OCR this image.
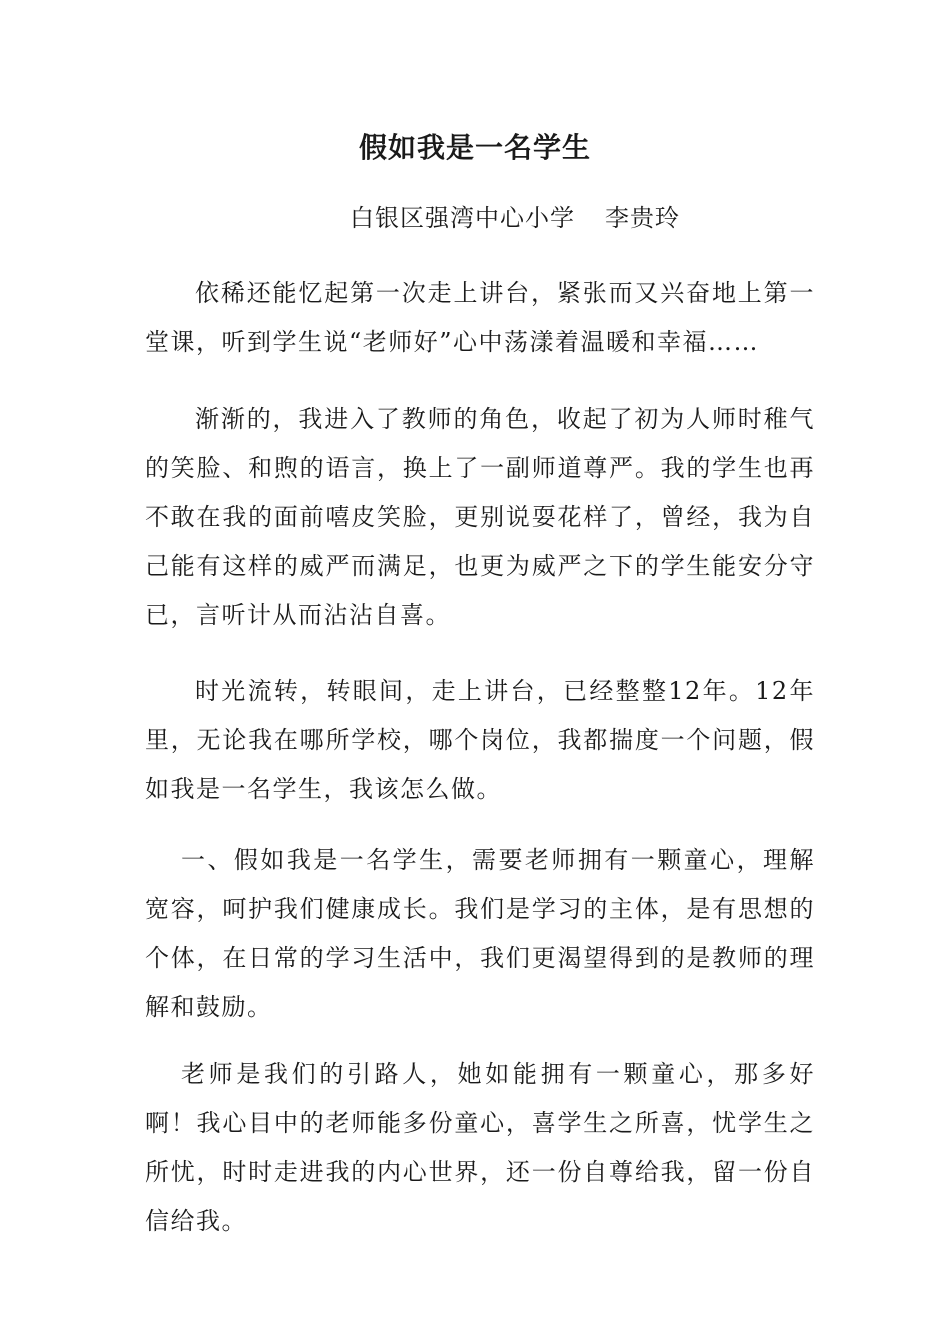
假如我是一名学生

白银区强湾中心小学 李贵玲

依稀还能忆起第一次走上讲台，紧张而又兴奋地上第一堂课，听到学生说“老师好”心中荡漾着温暖和幸福……

渐渐的，我进入了教师的角色，收起了初为人师时稚气的笑脸、和煦的语言，换上了一副师道尊严。我的学生也再不敢在我的面前嘻皮笑脸，更别说耍花样了，曾经，我为自己能有这样的威严而满足，也更为威严之下的学生能安分守已，言听计从而沾沾自喜。

时光流转，转眼间，走上讲台，已经整整12年。12年里，无论我在哪所学校，哪个岗位，我都揣度一个问题，假如我是一名学生，我该怎么做。

一、假如我是一名学生，需要老师拥有一颗童心，理解宽容，呵护我们健康成长。我们是学习的主体，是有思想的个体，在日常的学习生活中，我们更渴望得到的是教师的理解和鼓励。

老师是我们的引路人，她如能拥有一颗童心，那多好啊！我心目中的老师能多份童心，喜学生之所喜，忧学生之所忧，时时走进我的内心世界，还一份自尊给我，留一份自信给我。
